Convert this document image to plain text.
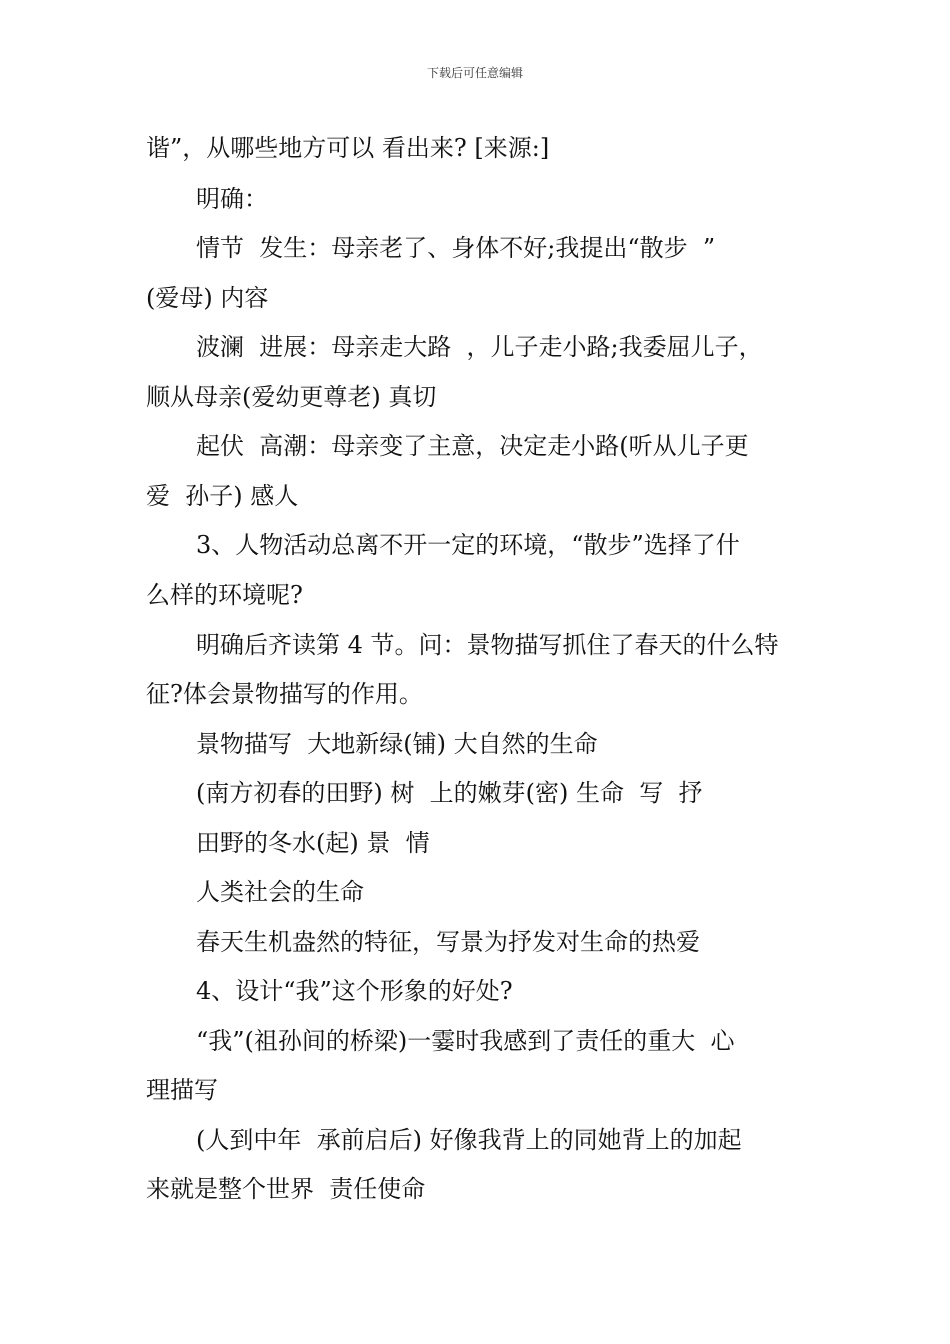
下载后可任意编辑
谐”，从哪些地方可以 看出来? [来源:]
明确：
情节  发生：母亲老了、身体不好;我提出“散步  ”
(爱母) 内容
波澜  进展：母亲走大路  ，儿子走小路;我委屈儿子，
顺从母亲(爱幼更尊老) 真切
起伏  高潮：母亲变了主意，决定走小路(听从儿子更
爱  孙子) 感人
3、人物活动总离不开一定的环境，“散步”选择了什
么样的环境呢?
明确后齐读第 4 节。问：景物描写抓住了春天的什么特
征?体会景物描写的作用。
景物描写  大地新绿(铺) 大自然的生命
(南方初春的田野) 树  上的嫩芽(密) 生命  写  抒
田野的冬水(起) 景  情
人类社会的生命
春天生机盎然的特征，写景为抒发对生命的热爱
4、设计“我”这个形象的好处?
“我”(祖孙间的桥梁)一霎时我感到了责任的重大  心
理描写
(人到中年  承前启后) 好像我背上的同她背上的加起
来就是整个世界  责任使命
